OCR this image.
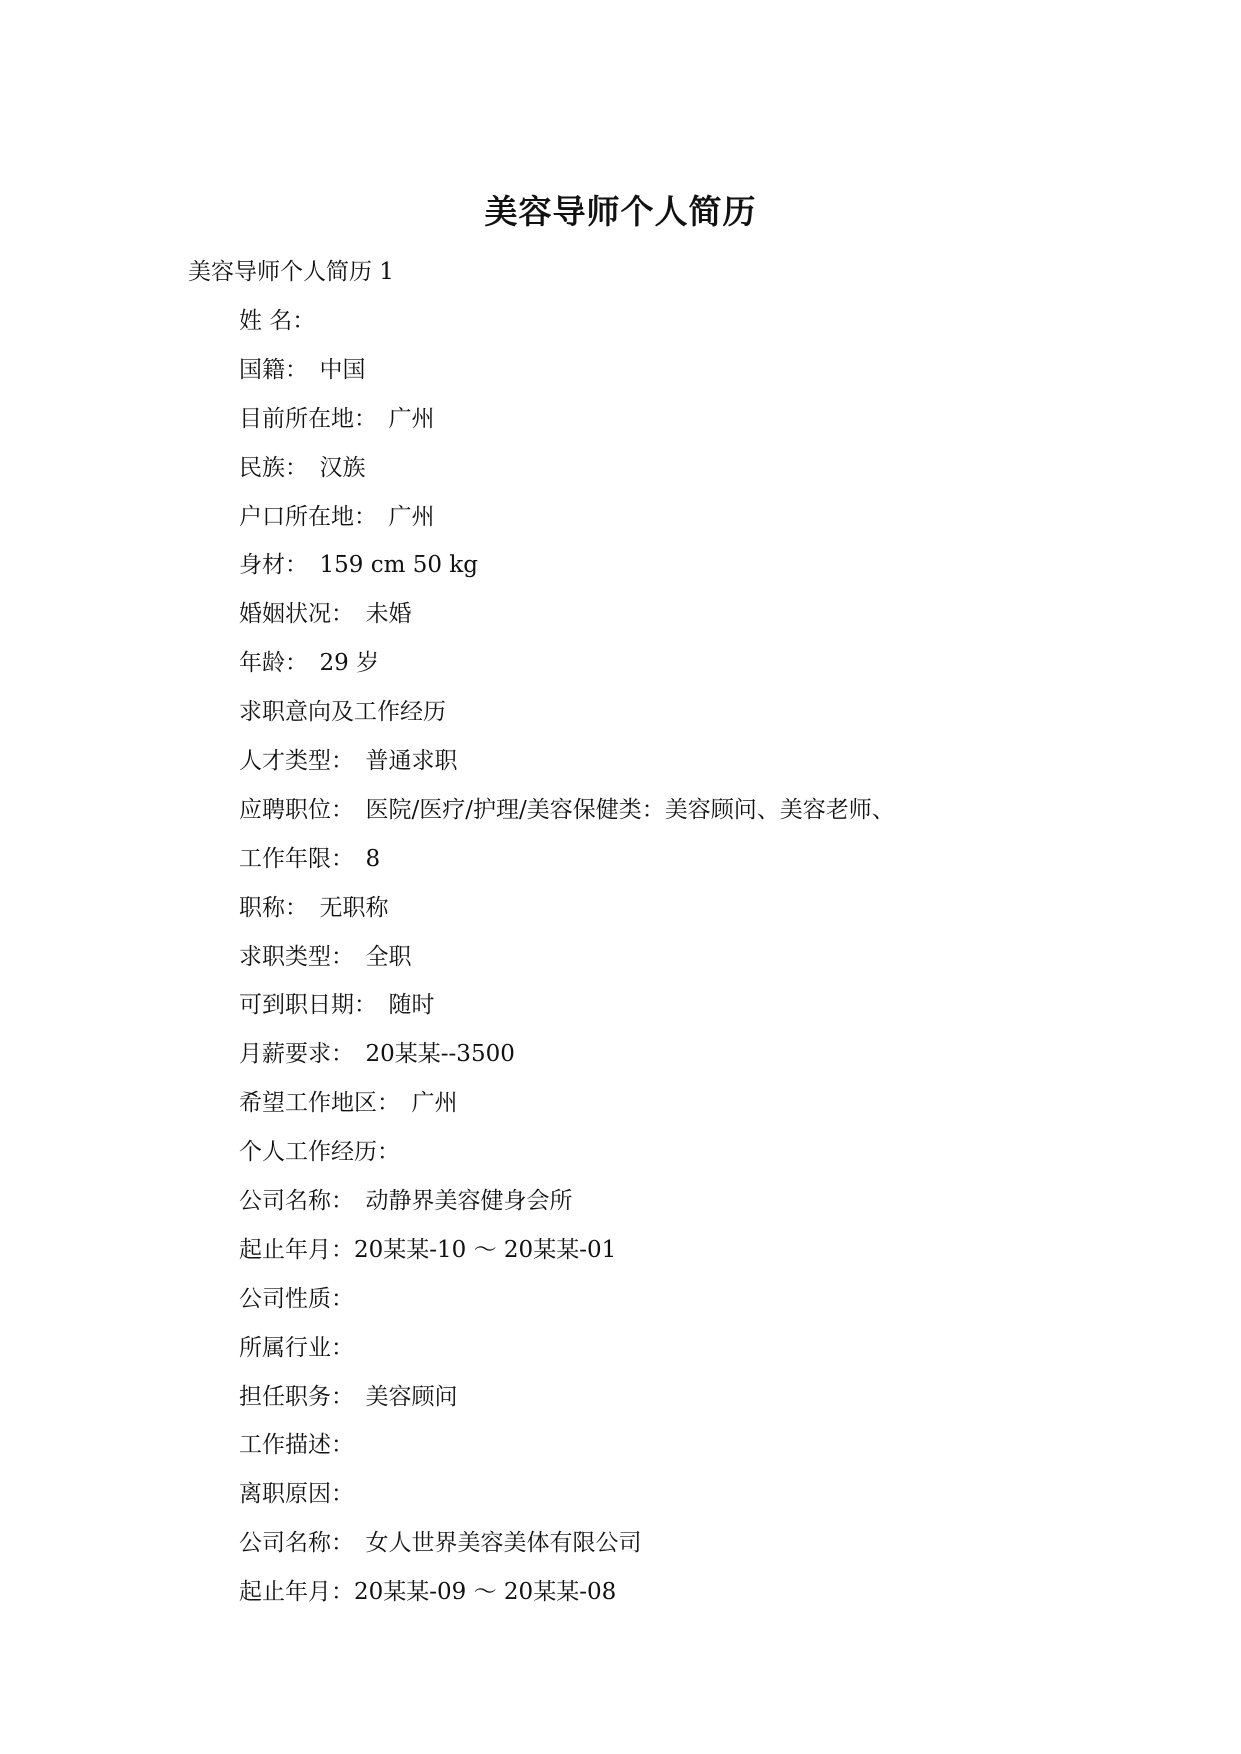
美容导师个人简历

美容导师个人简历 1

姓 名：
国籍： 中国
目前所在地： 广州
民族： 汉族
户口所在地： 广州
身材： 159 cm 50 kg
婚姻状况： 未婚
年龄： 29 岁
求职意向及工作经历
人才类型： 普通求职
应聘职位： 医院/医疗/护理/美容保健类：美容顾问、美容老师、
工作年限： 8
职称： 无职称
求职类型： 全职
可到职日期： 随时
月薪要求： 20某某--3500
希望工作地区： 广州
个人工作经历：
公司名称： 动静界美容健身会所
起止年月：20某某-10 ～ 20某某-01
公司性质：
所属行业：
担任职务： 美容顾问
工作描述：
离职原因：
公司名称： 女人世界美容美体有限公司
起止年月：20某某-09 ～ 20某某-08
